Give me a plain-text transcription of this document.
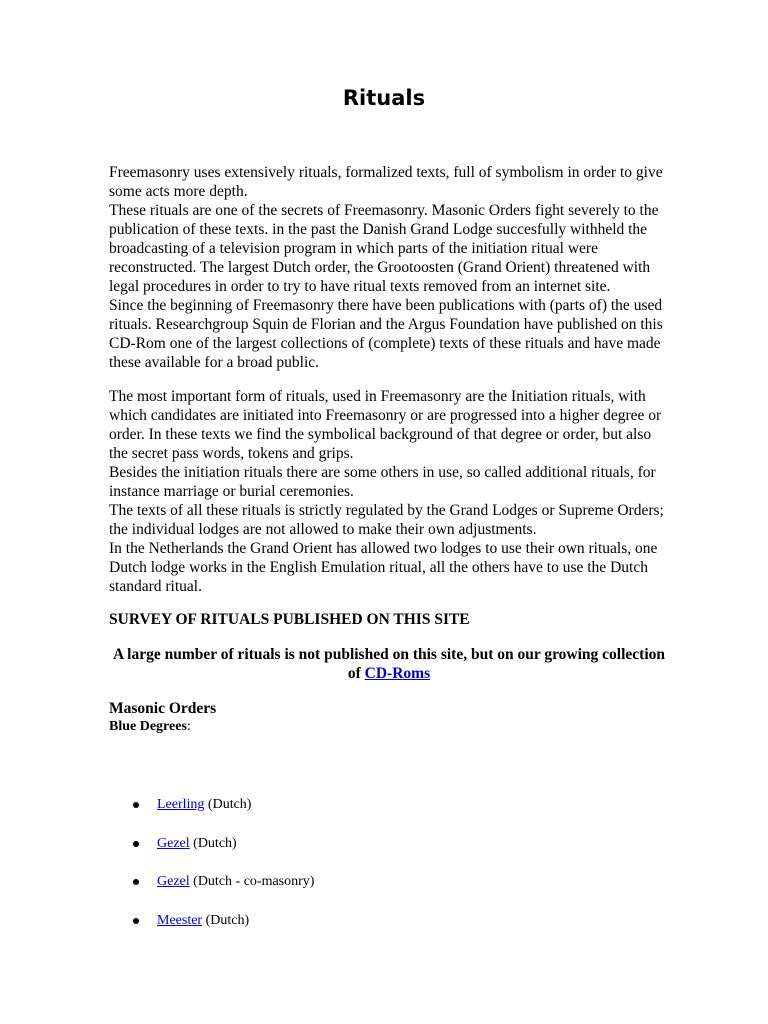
Rituals

Freemasonry uses extensively rituals, formalized texts, full of symbolism in order to give some acts more depth.

These rituals are one of the secrets of Freemasonry. Masonic Orders fight severely to the publication of these texts. in the past the Danish Grand Lodge succesfully withheld the broadcasting of a television program in which parts of the initiation ritual were reconstructed. The largest Dutch order, the Grootoosten (Grand Orient) threatened with legal procedures in order to try to have ritual texts removed from an internet site.

Since the beginning of Freemasonry there have been publications with (parts of) the used rituals. Researchgroup Squin de Florian and the Argus Foundation have published on this CD-Rom one of the largest collections of (complete) texts of these rituals and have made these available for a broad public.

The most important form of rituals, used in Freemasonry are the Initiation rituals, with which candidates are initiated into Freemasonry or are progressed into a higher degree or order. In these texts we find the symbolical background of that degree or order, but also the secret pass words, tokens and grips.

Besides the initiation rituals there are some others in use, so called additional rituals, for instance marriage or burial ceremonies.

The texts of all these rituals is strictly regulated by the Grand Lodges or Supreme Orders; the individual lodges are not allowed to make their own adjustments.

In the Netherlands the Grand Orient has allowed two lodges to use their own rituals, one Dutch lodge works in the English Emulation ritual, all the others have to use the Dutch standard ritual.

SURVEY OF RITUALS PUBLISHED ON THIS SITE
A large number of rituals is not published on this site, but on our growing collection of CD-Roms
Masonic Orders
Blue Degrees:
Leerling (Dutch)
Gezel (Dutch)
Gezel (Dutch - co-masonry)
Meester (Dutch)
